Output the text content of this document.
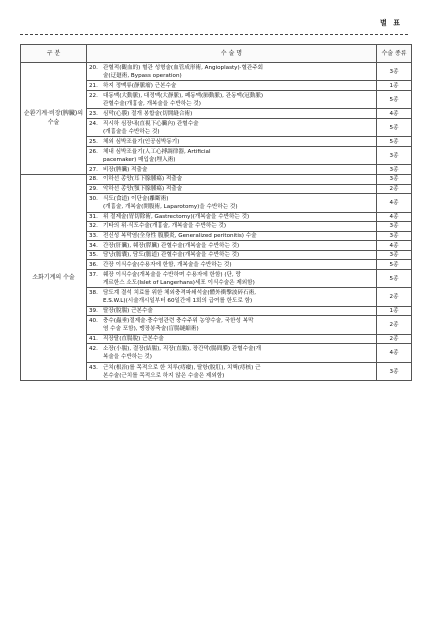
별 표
구 분	수 술 명	수술 종류
순환기계·비장(脾臟)의 수술	20. 관혈적(觀血的) 혈관 성형술(血管成形術, Angioplasty)·혈관주회
술(迂廻術, Bypass operation)	3종
	21. 하지 정맥류(靜脈瘤) 근본수술	1종
	22. 대동맥(大動脈), 대정맥(大靜脈), 폐동맥(肺動脈), 관동맥(冠動脈)
관혈수술(개흉술, 개복술을 수반하는 것)	5종
	23. 심막(心膜) 절개 봉합술(切開縫合術)	4종
	24. 직시하 심장내(直視下心臟內) 관혈수술
(개흉술을 수반하는 것)	5종
	25. 체외 심박조율기(인공심박동기)	5종
	26. 체내 심박조율기(人工心搏調律器, Artificial
pacemaker) 매입술(埋入術)	3종
	27. 비장(脾臟) 적출술	3종
소화기계의 수술	28. 이하선 종양(耳下腺腫瘍) 적출술	3종
	29. 악하선 종양(顎下腺腫瘍) 적출술	2종
	30. 식도(食道) 이단술(離斷術)
(개흉술, 개복술(開腹術, Laparotomy)을 수반하는 것)	4종
	31. 위 절제술(胃切除術, Gastrectomy)(개복술을 수반하는 것)	4종
	32. 기타의 위·식도수술(개흉술, 개복술을 수반하는 것)	3종
	33. 전신성 복막염(全身性 腹膜炎, Generalized peritonitis) 수술	3종
	34. 간장(肝臟), 췌장(膵臟) 관혈수술(개복술을 수반하는 것)	4종
	35. 담낭(膽囊), 담도(膽道) 관혈수술(개복술을 수반하는 것)	3종
	36. 간장 이식수술(수용자에 한함, 개복술을 수반하는 것)	5종
	37. 췌장 이식수술(개복술을 수반하며 수용자에 한함) (단, 랑
게르한스 소도(Islet of Langerhans)세포 이식수술은 제외함)	5종
	38. 담도계 결석 치료를 위한 체외충격파쇄석술(體外衝擊波碎石術,
E.S.W.L)(시술개시일부터 60일간에 1회의 급여를 한도로 함)	2종
	39. 탈장(脫腸) 근본수술	1종
	40. 충수(蟲垂)절제술·충수염관련 충수주위 농양수술, 국한성 복막
염 수술 포함), 맹장봉축술(盲腸縫縮術)	2종
	41. 직장탈(直腸脫) 근본수술	2종
	42. 소장(小腸), 결장(結腸), 직장(直腸), 장간막(腸間膜) 관혈수술(개
복술을 수반하는 것)	4종
	43. 근치(根治)를 목적으로 한 치루(痔瘻), 탈항(脫肛), 치핵(痔核) 근
본수술(근치를 목적으로 하지 않은 수술은 제외함)	3종
